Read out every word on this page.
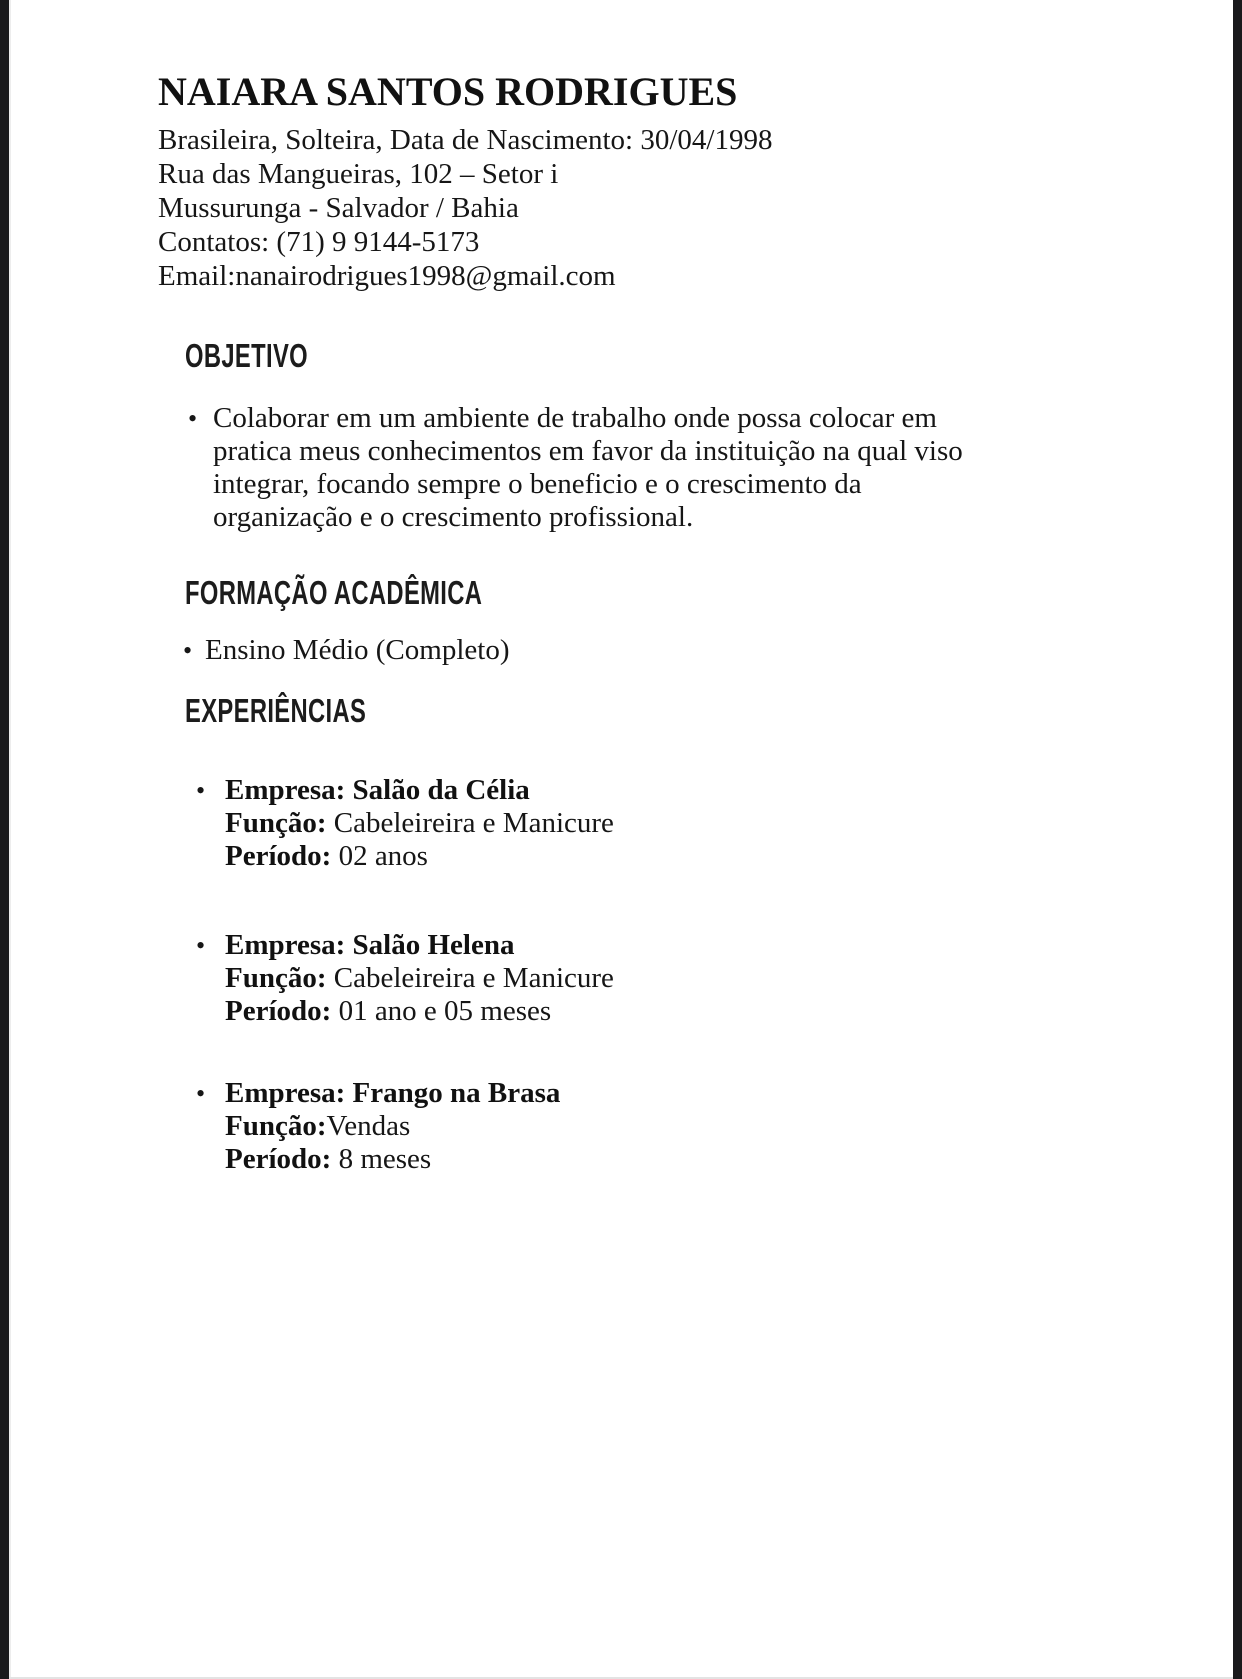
NAIARA SANTOS RODRIGUES
Brasileira, Solteira, Data de Nascimento: 30/04/1998
Rua das Mangueiras, 102 – Setor i
Mussurunga - Salvador / Bahia
Contatos: (71) 9 9144-5173
Email:nanairodrigues1998@gmail.com
OBJETIVO
• Colaborar em um ambiente de trabalho onde possa colocar em
pratica meus conhecimentos em favor da instituição na qual viso
integrar, focando sempre o beneficio e o crescimento da
organização e o crescimento profissional.
FORMAÇÃO ACADÊMICA
• Ensino Médio (Completo)
EXPERIÊNCIAS
• Empresa: Salão da Célia
Função: Cabeleireira e Manicure
Período: 02 anos
• Empresa: Salão Helena
Função: Cabeleireira e Manicure
Período: 01 ano e 05 meses
• Empresa: Frango na Brasa
Função:Vendas
Período: 8 meses
